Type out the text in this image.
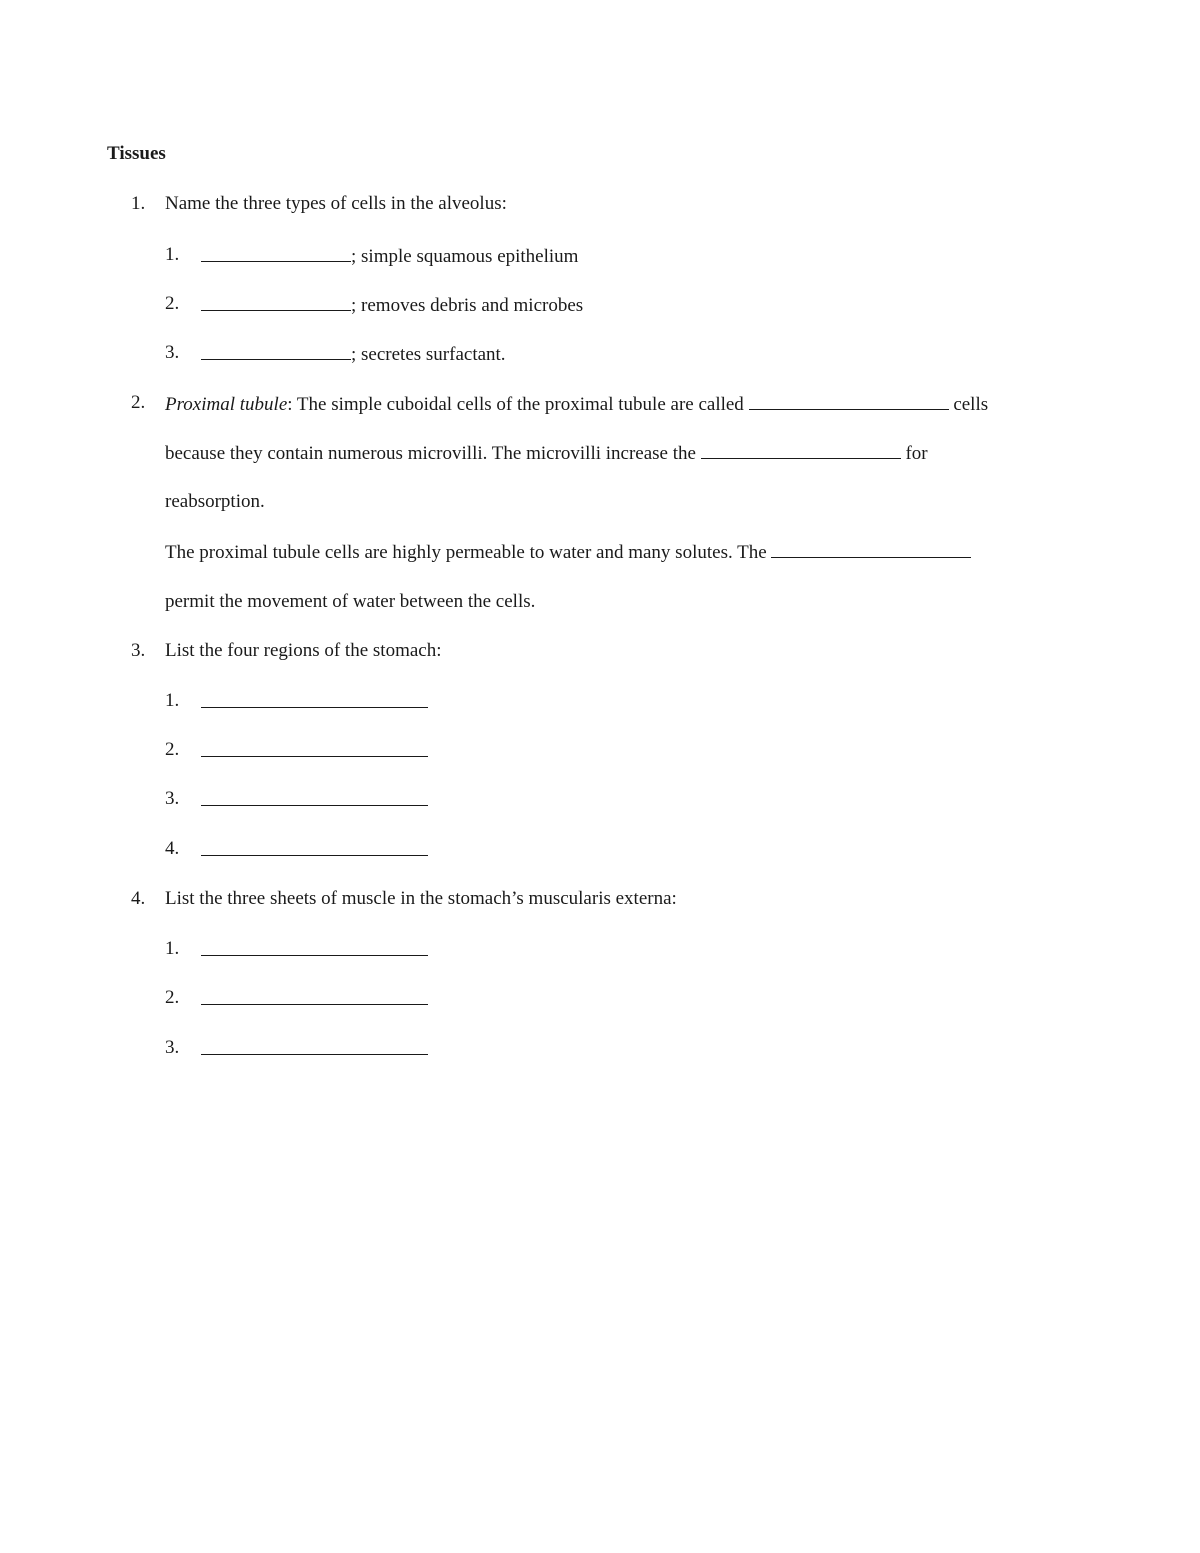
Tissues
1. Name the three types of cells in the alveolus:
1.	; simple squamous epithelium
2.	; removes debris and microbes
3.	; secretes surfactant.
2. Proximal tubule: The simple cuboidal cells of the proximal tubule are called	cells
because they contain numerous microvilli. The microvilli increase the	for
reabsorption.
The proximal tubule cells are highly permeable to water and many solutes. The
permit the movement of water between the cells.
3. List the four regions of the stomach:
1.
2.
3.
4.
4. List the three sheets of muscle in the stomach’s muscularis externa:
1.
2.
3.
